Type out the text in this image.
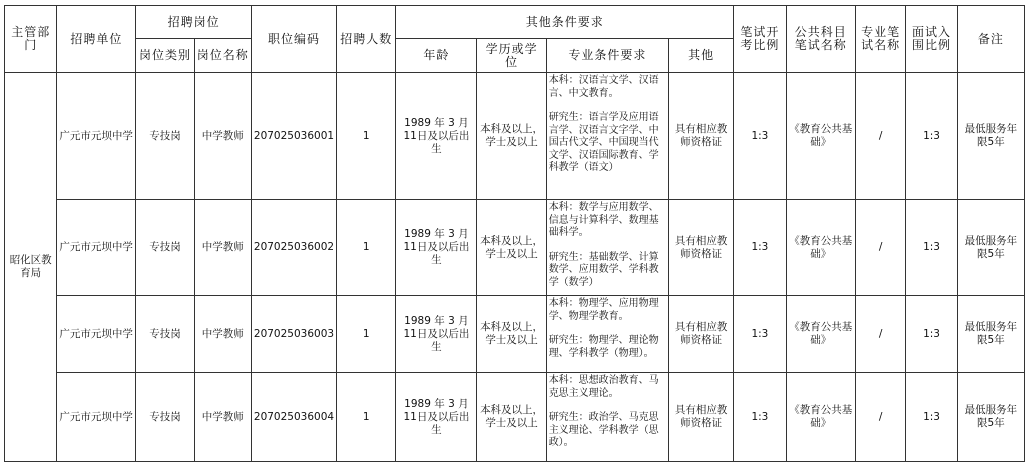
主管部门	招聘单位	招聘岗位		职位编码	招聘人数	其他条件要求				笔试开考比例	公共科目笔试名称	专业笔试名称	面试入围比例	备注
		岗位类别	岗位名称			年龄	学历或学位	专业条件要求	其他					
昭化区教育局	广元市元坝中学	专技岗	中学教师	207025036001	1	1989 年 3 月11日及以后出生	本科及以上，学士及以上	本科：汉语言文学、汉语言、中文教育。

研究生：语言学及应用语言学、汉语言文字学、中国古代文学、中国现当代文学、汉语国际教育、学科教学（语文）	具有相应教师资格证	1:3	《教育公共基础》	/	1:3	最低服务年限5年
	广元市元坝中学	专技岗	中学教师	207025036002	1	1989 年 3 月11日及以后出生	本科及以上，学士及以上	本科：数学与应用数学、信息与计算科学、数理基础科学。

研究生：基础数学、计算数学、应用数学、学科教学（数学）	具有相应教师资格证	1:3	《教育公共基础》	/	1:3	最低服务年限5年
	广元市元坝中学	专技岗	中学教师	207025036003	1	1989 年 3 月11日及以后出生	本科及以上，学士及以上	本科：物理学、应用物理学、物理学教育。

研究生：物理学、理论物理、学科教学（物理）。	具有相应教师资格证	1:3	《教育公共基础》	/	1:3	最低服务年限5年
	广元市元坝中学	专技岗	中学教师	207025036004	1	1989 年 3 月11日及以后出生	本科及以上，学士及以上	本科：思想政治教育、马克思主义理论。

研究生：政治学、马克思主义理论、学科教学（思政）。	具有相应教师资格证	1:3	《教育公共基础》	/	1:3	最低服务年限5年
